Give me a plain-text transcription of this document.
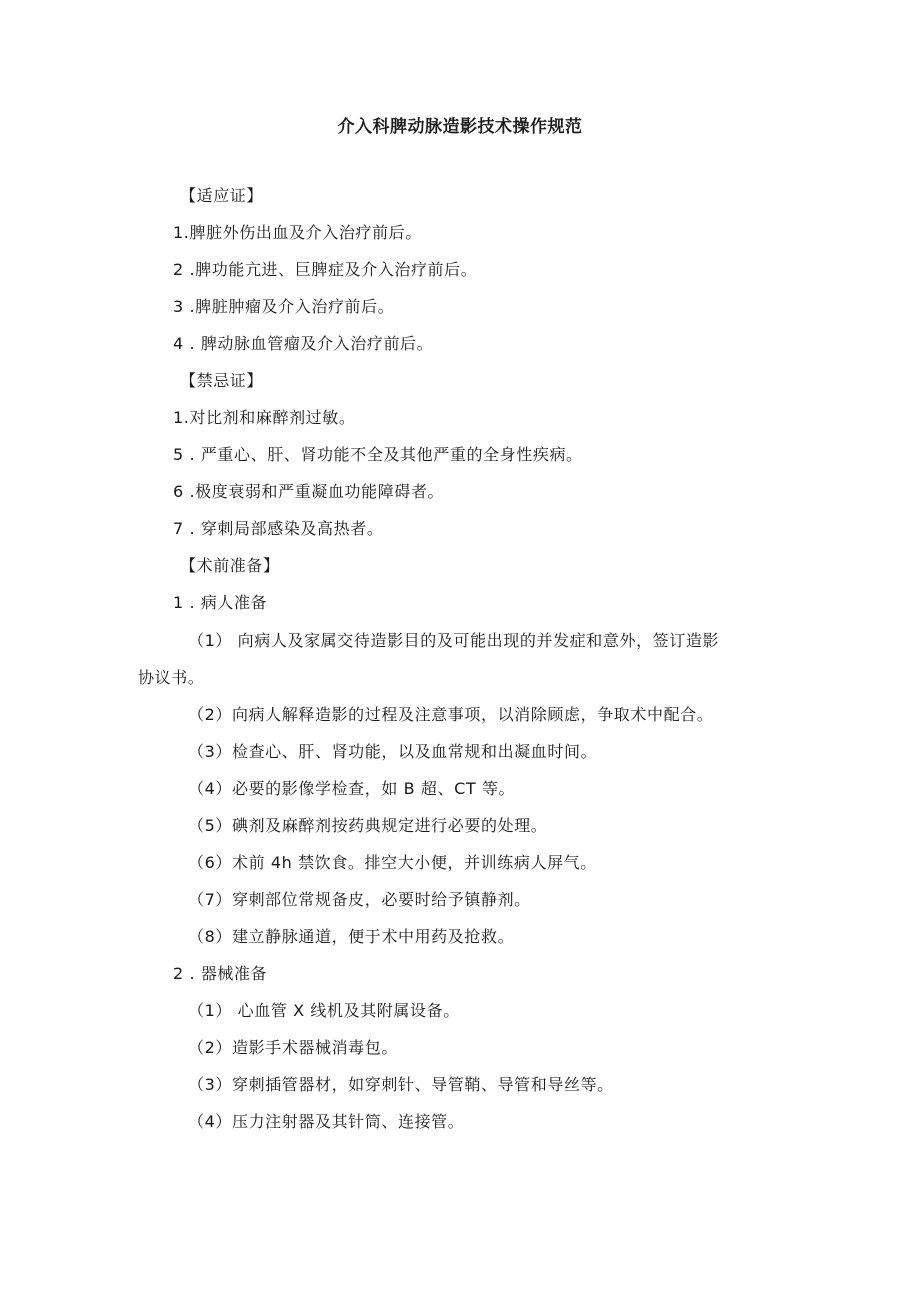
介入科脾动脉造影技术操作规范
【适应证】
1.脾脏外伤出血及介入治疗前后。
2 .脾功能亢进、巨脾症及介入治疗前后。
3 .脾脏肿瘤及介入治疗前后。
4 . 脾动脉血管瘤及介入治疗前后。
【禁忌证】
1.对比剂和麻醉剂过敏。
5 . 严重心、肝、肾功能不全及其他严重的全身性疾病。
6 .极度衰弱和严重凝血功能障碍者。
7 . 穿刺局部感染及高热者。
【术前准备】
1 . 病人准备
（1） 向病人及家属交待造影目的及可能出现的并发症和意外，签订造影
协议书。
（2）向病人解释造影的过程及注意事项，以消除顾虑，争取术中配合。
（3）检查心、肝、肾功能，以及血常规和出凝血时间。
（4）必要的影像学检查，如 B 超、CT 等。
（5）碘剂及麻醉剂按药典规定进行必要的处理。
（6）术前 4h 禁饮食。排空大小便，并训练病人屏气。
（7）穿刺部位常规备皮，必要时给予镇静剂。
（8）建立静脉通道，便于术中用药及抢救。
2 . 器械准备
（1） 心血管 X 线机及其附属设备。
（2）造影手术器械消毒包。
（3）穿刺插管器材，如穿刺针、导管鞘、导管和导丝等。
（4）压力注射器及其针筒、连接管。
